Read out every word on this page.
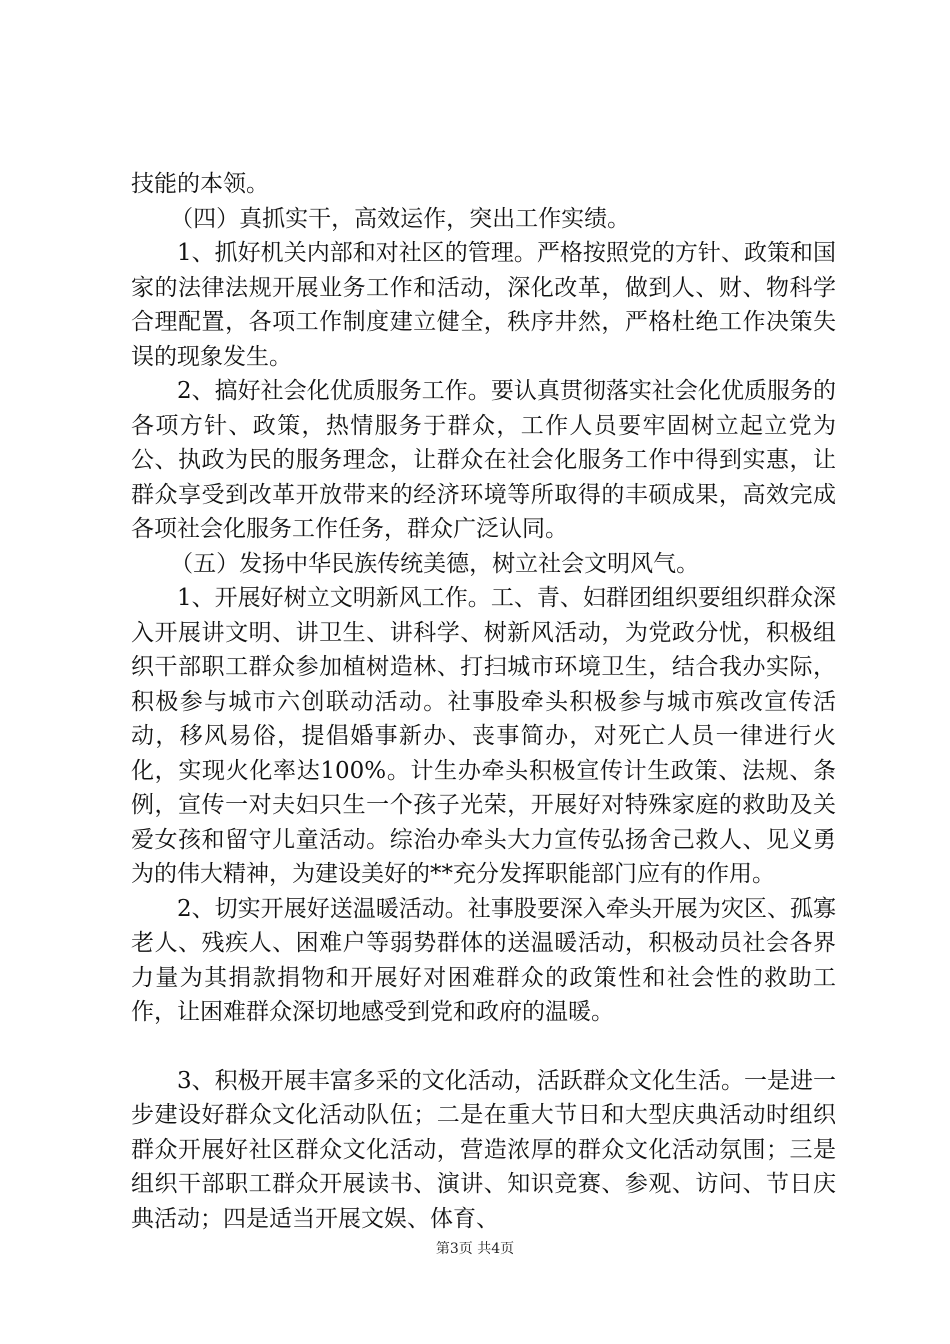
技能的本领。

（四）真抓实干，高效运作，突出工作实绩。

1、抓好机关内部和对社区的管理。严格按照党的方针、政策和国家的法律法规开展业务工作和活动，深化改革，做到人、财、物科学合理配置，各项工作制度建立健全，秩序井然，严格杜绝工作决策失误的现象发生。

2、搞好社会化优质服务工作。要认真贯彻落实社会化优质服务的各项方针、政策，热情服务于群众，工作人员要牢固树立起立党为公、执政为民的服务理念，让群众在社会化服务工作中得到实惠，让群众享受到改革开放带来的经济环境等所取得的丰硕成果，高效完成各项社会化服务工作任务，群众广泛认同。

（五）发扬中华民族传统美德，树立社会文明风气。

1、开展好树立文明新风工作。工、青、妇群团组织要组织群众深入开展讲文明、讲卫生、讲科学、树新风活动，为党政分忧，积极组织干部职工群众参加植树造林、打扫城市环境卫生，结合我办实际，积极参与城市六创联动活动。社事股牵头积极参与城市殡改宣传活动，移风易俗，提倡婚事新办、丧事简办，对死亡人员一律进行火化，实现火化率达100%。计生办牵头积极宣传计生政策、法规、条例，宣传一对夫妇只生一个孩子光荣，开展好对特殊家庭的救助及关爱女孩和留守儿童活动。综治办牵头大力宣传弘扬舍己救人、见义勇为的伟大精神，为建设美好的**充分发挥职能部门应有的作用。

2、切实开展好送温暖活动。社事股要深入牵头开展为灾区、孤寡老人、残疾人、困难户等弱势群体的送温暖活动，积极动员社会各界力量为其捐款捐物和开展好对困难群众的政策性和社会性的救助工作，让困难群众深切地感受到党和政府的温暖。

3、积极开展丰富多采的文化活动，活跃群众文化生活。一是进一步建设好群众文化活动队伍；二是在重大节日和大型庆典活动时组织群众开展好社区群众文化活动，营造浓厚的群众文化活动氛围；三是组织干部职工群众开展读书、演讲、知识竞赛、参观、访问、节日庆典活动；四是适当开展文娱、体育、

第3页 共4页
